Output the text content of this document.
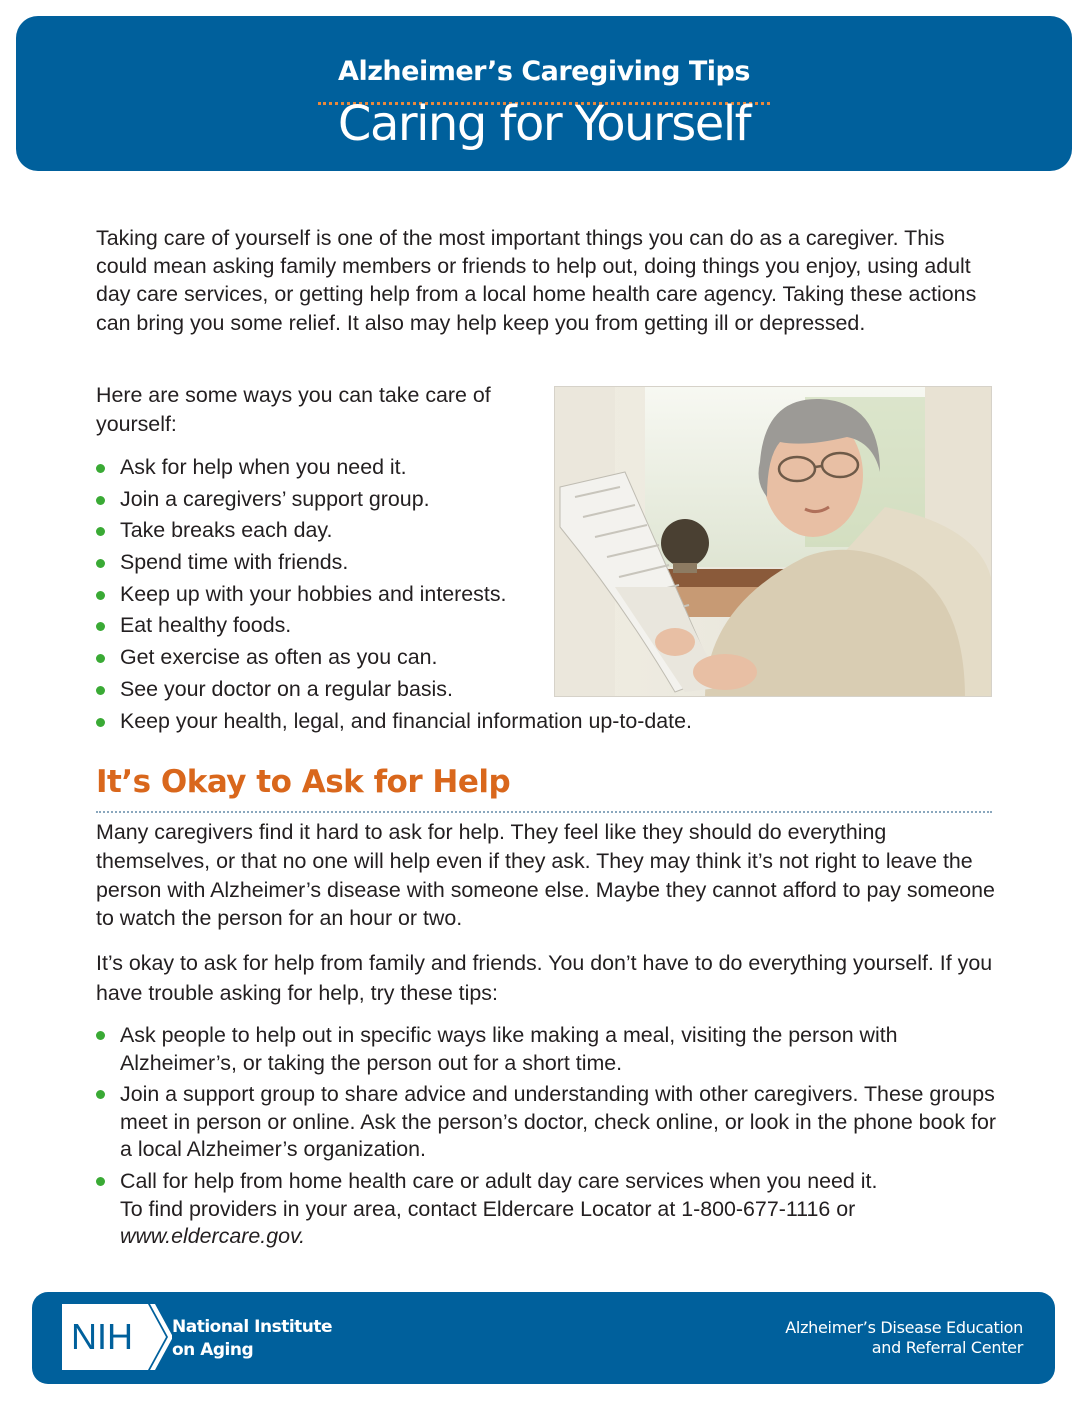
Alzheimer’s Caregiving Tips
Caring for Yourself

Taking care of yourself is one of the most important things you can do as a caregiver. This could mean asking family members or friends to help out, doing things you enjoy, using adult day care services, or getting help from a local home health care agency. Taking these actions can bring you some relief. It also may help keep you from getting ill or depressed.

Here are some ways you can take care of yourself:

Ask for help when you need it.
Join a caregivers’ support group.
Take breaks each day.
Spend time with friends.
Keep up with your hobbies and interests.
Eat healthy foods.
Get exercise as often as you can.
See your doctor on a regular basis.
Keep your health, legal, and financial information up-to-date.
It’s Okay to Ask for Help

Many caregivers find it hard to ask for help. They feel like they should do everything themselves, or that no one will help even if they ask. They may think it’s not right to leave the person with Alzheimer’s disease with someone else. Maybe they cannot afford to pay someone to watch the person for an hour or two.

It’s okay to ask for help from family and friends. You don’t have to do everything yourself. If you have trouble asking for help, try these tips:

Ask people to help out in specific ways like making a meal, visiting the person with Alzheimer’s, or taking the person out for a short time.
Join a support group to share advice and understanding with other caregivers. These groups meet in person or online. Ask the person’s doctor, check online, or look in the phone book for a local Alzheimer’s organization.
Call for help from home health care or adult day care services when you need it.
To find providers in your area, contact Eldercare Locator at 1-800-677-1116 or
www.eldercare.gov.
NIH National Institute
on Aging
Alzheimer’s Disease Education
and Referral Center
